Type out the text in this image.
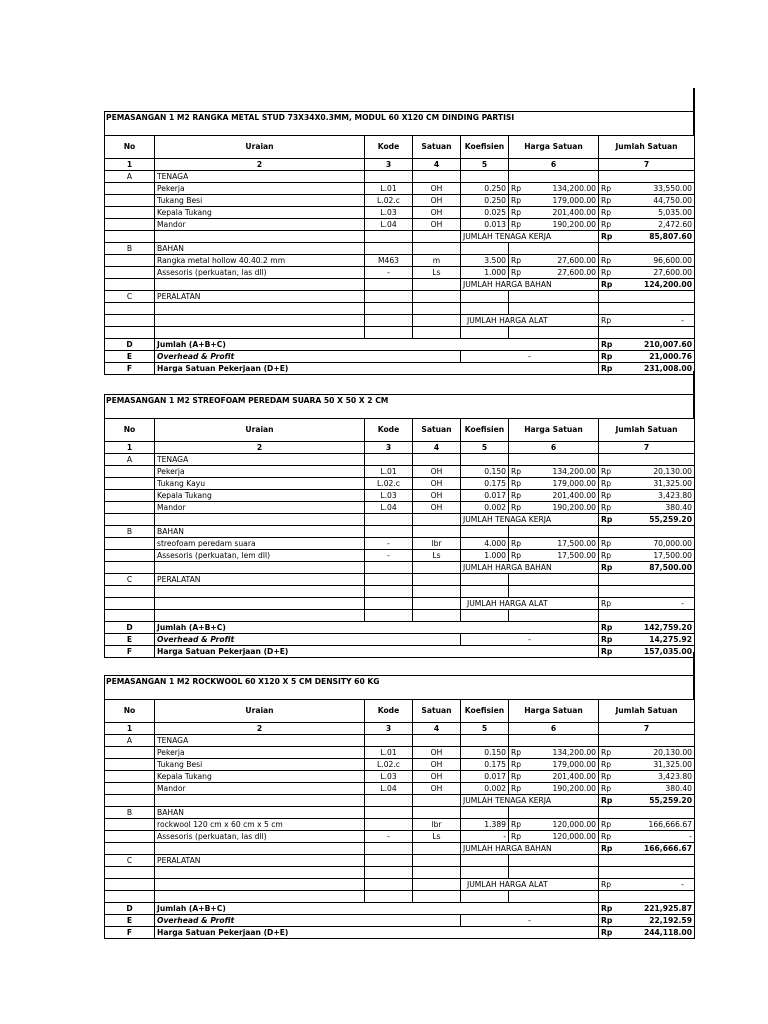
PEMASANGAN 1 M2 RANGKA METAL STUD 73X34X0.3MM, MODUL 60 X120 CM DINDING PARTISI
No	Uraian	Kode	Satuan	Koefisien	Harga Satuan	Jumlah Satuan
1	2	3	4	5	6	7
A	TENAGA					
	Pekerja	L.01	OH	0.250	Rp 134,200.00	Rp 33,550.00

	Tukang Besi	L.02.c	OH	0.250	Rp 179,000.00	Rp 44,750.00

	Kepala Tukang	L.03	OH	0.025	Rp 201,400.00	Rp 5,035.00

	Mandor	L.04	OH	0.013	Rp 190,200.00	Rp 2,472.60

				JUMLAH TENAGA KERJA		Rp 85,807.60

B	BAHAN					
	Rangka metal hollow 40.40.2 mm	M463	m	3.500	Rp 27,600.00	Rp 96,600.00

	Assesoris (perkuatan, las dll)	-	Ls	1.000	Rp 27,600.00	Rp 27,600.00

				JUMLAH HARGA BAHAN		Rp 124,200.00

C	PERALATAN					

				JUMLAH HARGA ALAT		Rp -

D	Jumlah (A+B+C)					Rp 210,007.60

E	Overhead & Profit			-		Rp 21,000.76

F	Harga Satuan Pekerjaan (D+E)					Rp 231,008.00
PEMASANGAN 1 M2 STREOFOAM PEREDAM SUARA 50 X 50 X 2 CM
No	Uraian	Kode	Satuan	Koefisien	Harga Satuan	Jumlah Satuan
1	2	3	4	5	6	7
A	TENAGA					
	Pekerja	L.01	OH	0.150	Rp 134,200.00	Rp 20,130.00

	Tukang Kayu	L.02.c	OH	0.175	Rp 179,000.00	Rp 31,325.00

	Kepala Tukang	L.03	OH	0.017	Rp 201,400.00	Rp 3,423.80

	Mandor	L.04	OH	0.002	Rp 190,200.00	Rp 380.40

				JUMLAH TENAGA KERJA		Rp 55,259.20

B	BAHAN					
	streofoam peredam suara	-	lbr	4.000	Rp 17,500.00	Rp 70,000.00

	Assesoris (perkuatan, lem dll)	-	Ls	1.000	Rp 17,500.00	Rp 17,500.00

				JUMLAH HARGA BAHAN		Rp 87,500.00

C	PERALATAN					

				JUMLAH HARGA ALAT		Rp -

D	Jumlah (A+B+C)					Rp 142,759.20

E	Overhead & Profit			-		Rp 14,275.92

F	Harga Satuan Pekerjaan (D+E)					Rp 157,035.00
PEMASANGAN 1 M2 ROCKWOOL 60 X120 X 5 CM DENSITY 60 KG
No	Uraian	Kode	Satuan	Koefisien	Harga Satuan	Jumlah Satuan
1	2	3	4	5	6	7
A	TENAGA					
	Pekerja	L.01	OH	0.150	Rp 134,200.00	Rp 20,130.00

	Tukang Besi	L.02.c	OH	0.175	Rp 179,000.00	Rp 31,325.00

	Kepala Tukang	L.03	OH	0.017	Rp 201,400.00	Rp 3,423.80

	Mandor	L.04	OH	0.002	Rp 190,200.00	Rp 380.40

				JUMLAH TENAGA KERJA		Rp 55,259.20

B	BAHAN					
	rockwool 120 cm x 60 cm x 5 cm		lbr	1.389	Rp 120,000.00	Rp 166,666.67

	Assesoris (perkuatan, las dll)	-	Ls	-	Rp 120,000.00	Rp -

				JUMLAH HARGA BAHAN		Rp 166,666.67

C	PERALATAN					

				JUMLAH HARGA ALAT		Rp -

D	Jumlah (A+B+C)					Rp 221,925.87

E	Overhead & Profit			-		Rp 22,192.59

F	Harga Satuan Pekerjaan (D+E)					Rp 244,118.00
